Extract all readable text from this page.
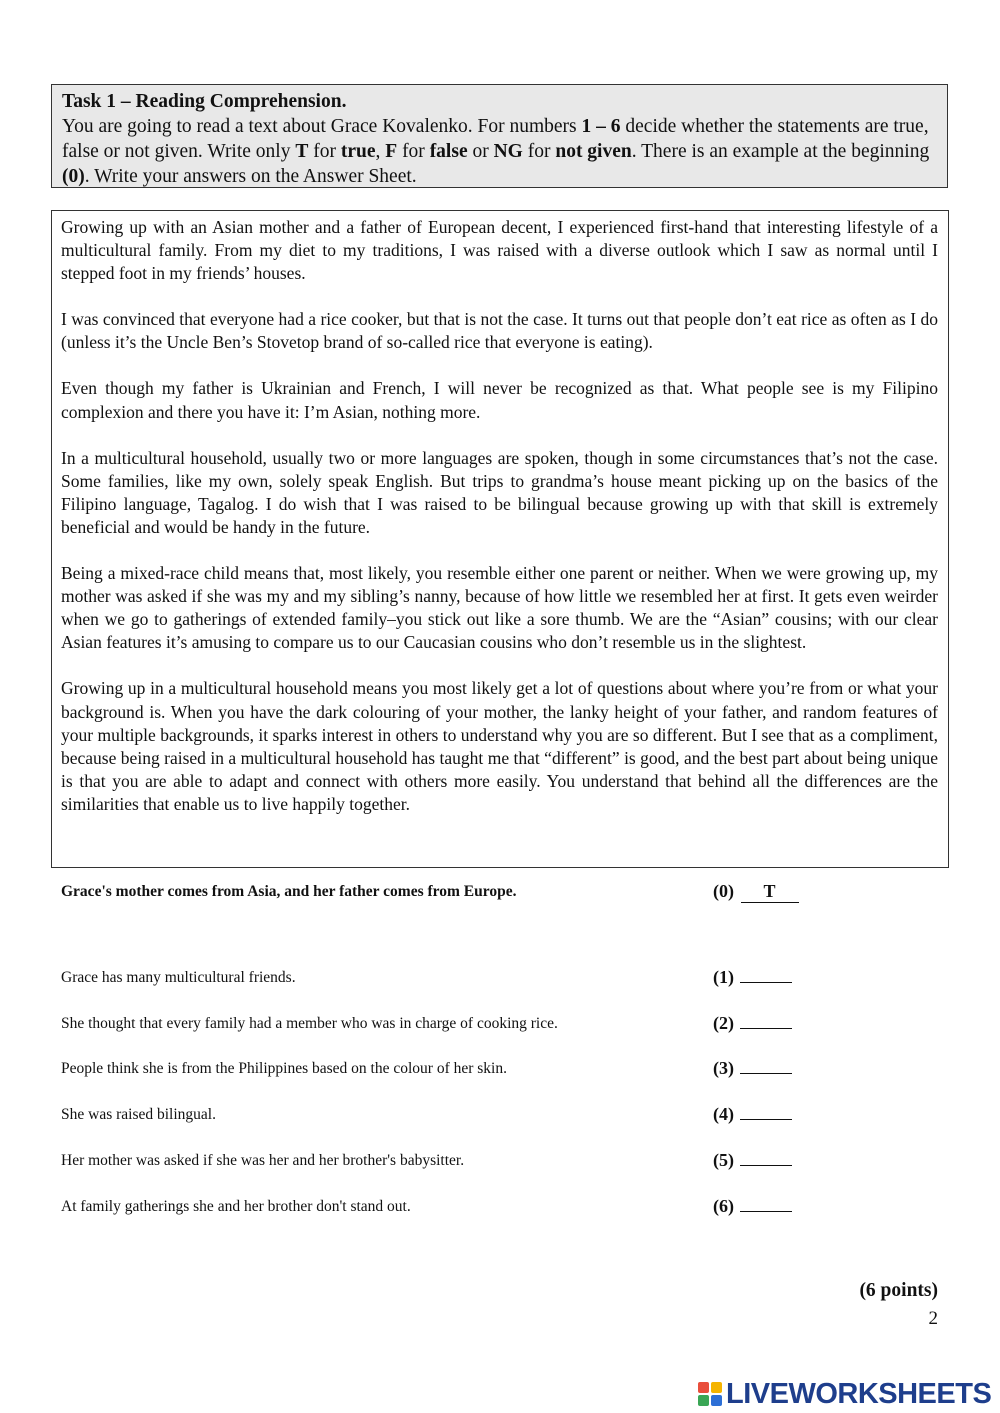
Task 1 – Reading Comprehension.
You are going to read a text about Grace Kovalenko. For numbers 1 – 6 decide whether the statements are true, false or not given. Write only T for true, F for false or NG for not given. There is an example at the beginning (0). Write your answers on the Answer Sheet.

Growing up with an Asian mother and a father of European decent, I experienced first-hand that interesting lifestyle of a multicultural family. From my diet to my traditions, I was raised with a diverse outlook which I saw as normal until I stepped foot in my friends’ houses.

I was convinced that everyone had a rice cooker, but that is not the case. It turns out that people don’t eat rice as often as I do (unless it’s the Uncle Ben’s Stovetop brand of so-called rice that everyone is eating).

Even though my father is Ukrainian and French, I will never be recognized as that. What people see is my Filipino complexion and there you have it: I’m Asian, nothing more.

In a multicultural household, usually two or more languages are spoken, though in some circumstances that’s not the case. Some families, like my own, solely speak English. But trips to grandma’s house meant picking up on the basics of the Filipino language, Tagalog. I do wish that I was raised to be bilingual because growing up with that skill is extremely beneficial and would be handy in the future.

Being a mixed-race child means that, most likely, you resemble either one parent or neither. When we were growing up, my mother was asked if she was my and my sibling’s nanny, because of how little we resembled her at first. It gets even weirder when we go to gatherings of extended family–you stick out like a sore thumb. We are the “Asian” cousins; with our clear Asian features it’s amusing to compare us to our Caucasian cousins who don’t resemble us in the slightest.

Growing up in a multicultural household means you most likely get a lot of questions about where you’re from or what your background is. When you have the dark colouring of your mother, the lanky height of your father, and random features of your multiple backgrounds, it sparks interest in others to understand why you are so different. But I see that as a compliment, because being raised in a multicultural household has taught me that “different” is good, and the best part about being unique is that you are able to adapt and connect with others more easily. You understand that behind all the differences are the similarities that enable us to live happily together.

Grace's mother comes from Asia, and her father comes from Europe.	(0) T
Grace has many multicultural friends.	(1)
She thought that every family had a member who was in charge of cooking rice.	(2)
People think she is from the Philippines based on the colour of her skin.	(3)
She was raised bilingual.	(4)
Her mother was asked if she was her and her brother's babysitter.	(5)
At family gatherings she and her brother don't stand out.	(6)
(6 points)
2
LIVEWORKSHEETS
